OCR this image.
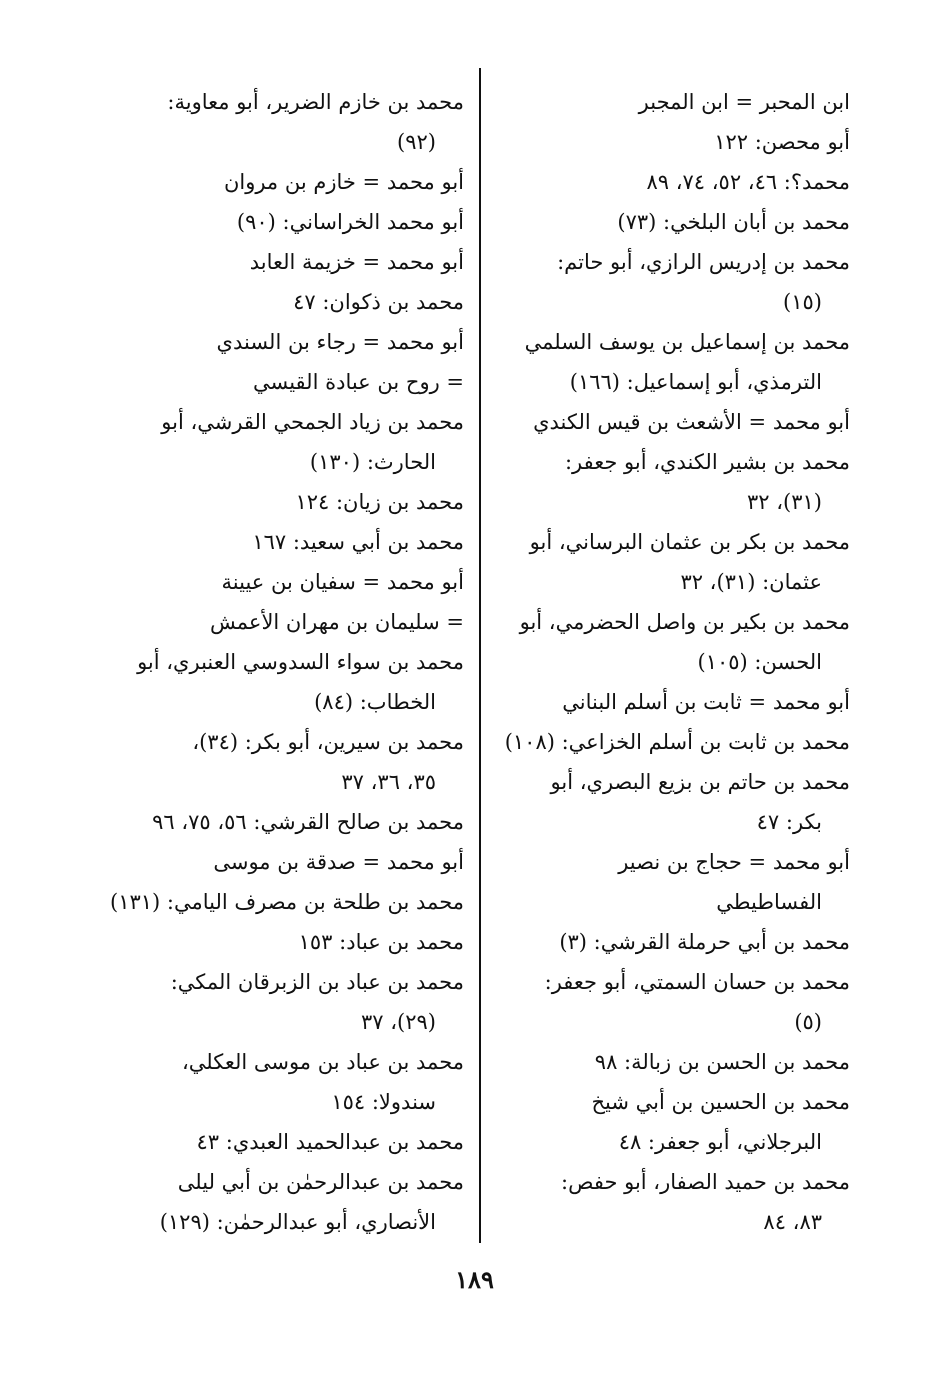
ابن المحبر = ابن المجبر
أبو محصن: ١٢٢
محمد؟: ٤٦، ٥٢، ٧٤، ٨٩
محمد بن أبان البلخي: (٧٣)
محمد بن إدريس الرازي، أبو حاتم:
(١٥)
محمد بن إسماعيل بن يوسف السلمي
الترمذي، أبو إسماعيل: (١٦٦)
أبو محمد = الأشعث بن قيس الكندي
محمد بن بشير الكندي، أبو جعفر:
(٣١)، ٣٢
محمد بن بكر بن عثمان البرساني، أبو
عثمان: (٣١)، ٣٢
محمد بن بكير بن واصل الحضرمي، أبو
الحسن: (١٠٥)
أبو محمد = ثابت بن أسلم البناني
محمد بن ثابت بن أسلم الخزاعي: (١٠٨)
محمد بن حاتم بن بزيع البصري، أبو
بكر: ٤٧
أبو محمد = حجاج بن نصير
الفساطيطي
محمد بن أبي حرملة القرشي: (٣)
محمد بن حسان السمتي، أبو جعفر:
(٥)
محمد بن الحسن بن زبالة: ٩٨
محمد بن الحسين بن أبي شيخ
البرجلاني، أبو جعفر: ٤٨
محمد بن حميد الصفار، أبو حفص:
٨٣، ٨٤
محمد بن خازم الضرير، أبو معاوية:
(٩٢)
أبو محمد = خازم بن مروان
أبو محمد الخراساني: (٩٠)
أبو محمد = خزيمة العابد
محمد بن ذكوان: ٤٧
أبو محمد = رجاء بن السندي
= روح بن عبادة القيسي
محمد بن زياد الجمحي القرشي، أبو
الحارث: (١٣٠)
محمد بن زيان: ١٢٤
محمد بن أبي سعيد: ١٦٧
أبو محمد = سفيان بن عيينة
= سليمان بن مهران الأعمش
محمد بن سواء السدوسي العنبري، أبو
الخطاب: (٨٤)
محمد بن سيرين، أبو بكر: (٣٤)،
٣٥، ٣٦، ٣٧
محمد بن صالح القرشي: ٥٦، ٧٥، ٩٦
أبو محمد = صدقة بن موسى
محمد بن طلحة بن مصرف اليامي: (١٣١)
محمد بن عباد: ١٥٣
محمد بن عباد بن الزبرقان المكي:
(٢٩)، ٣٧
محمد بن عباد بن موسى العكلي،
سندولا: ١٥٤
محمد بن عبدالحميد العبدي: ٤٣
محمد بن عبدالرحمٰن بن أبي ليلى
الأنصاري، أبو عبدالرحمٰن: (١٢٩)
١٨٩
